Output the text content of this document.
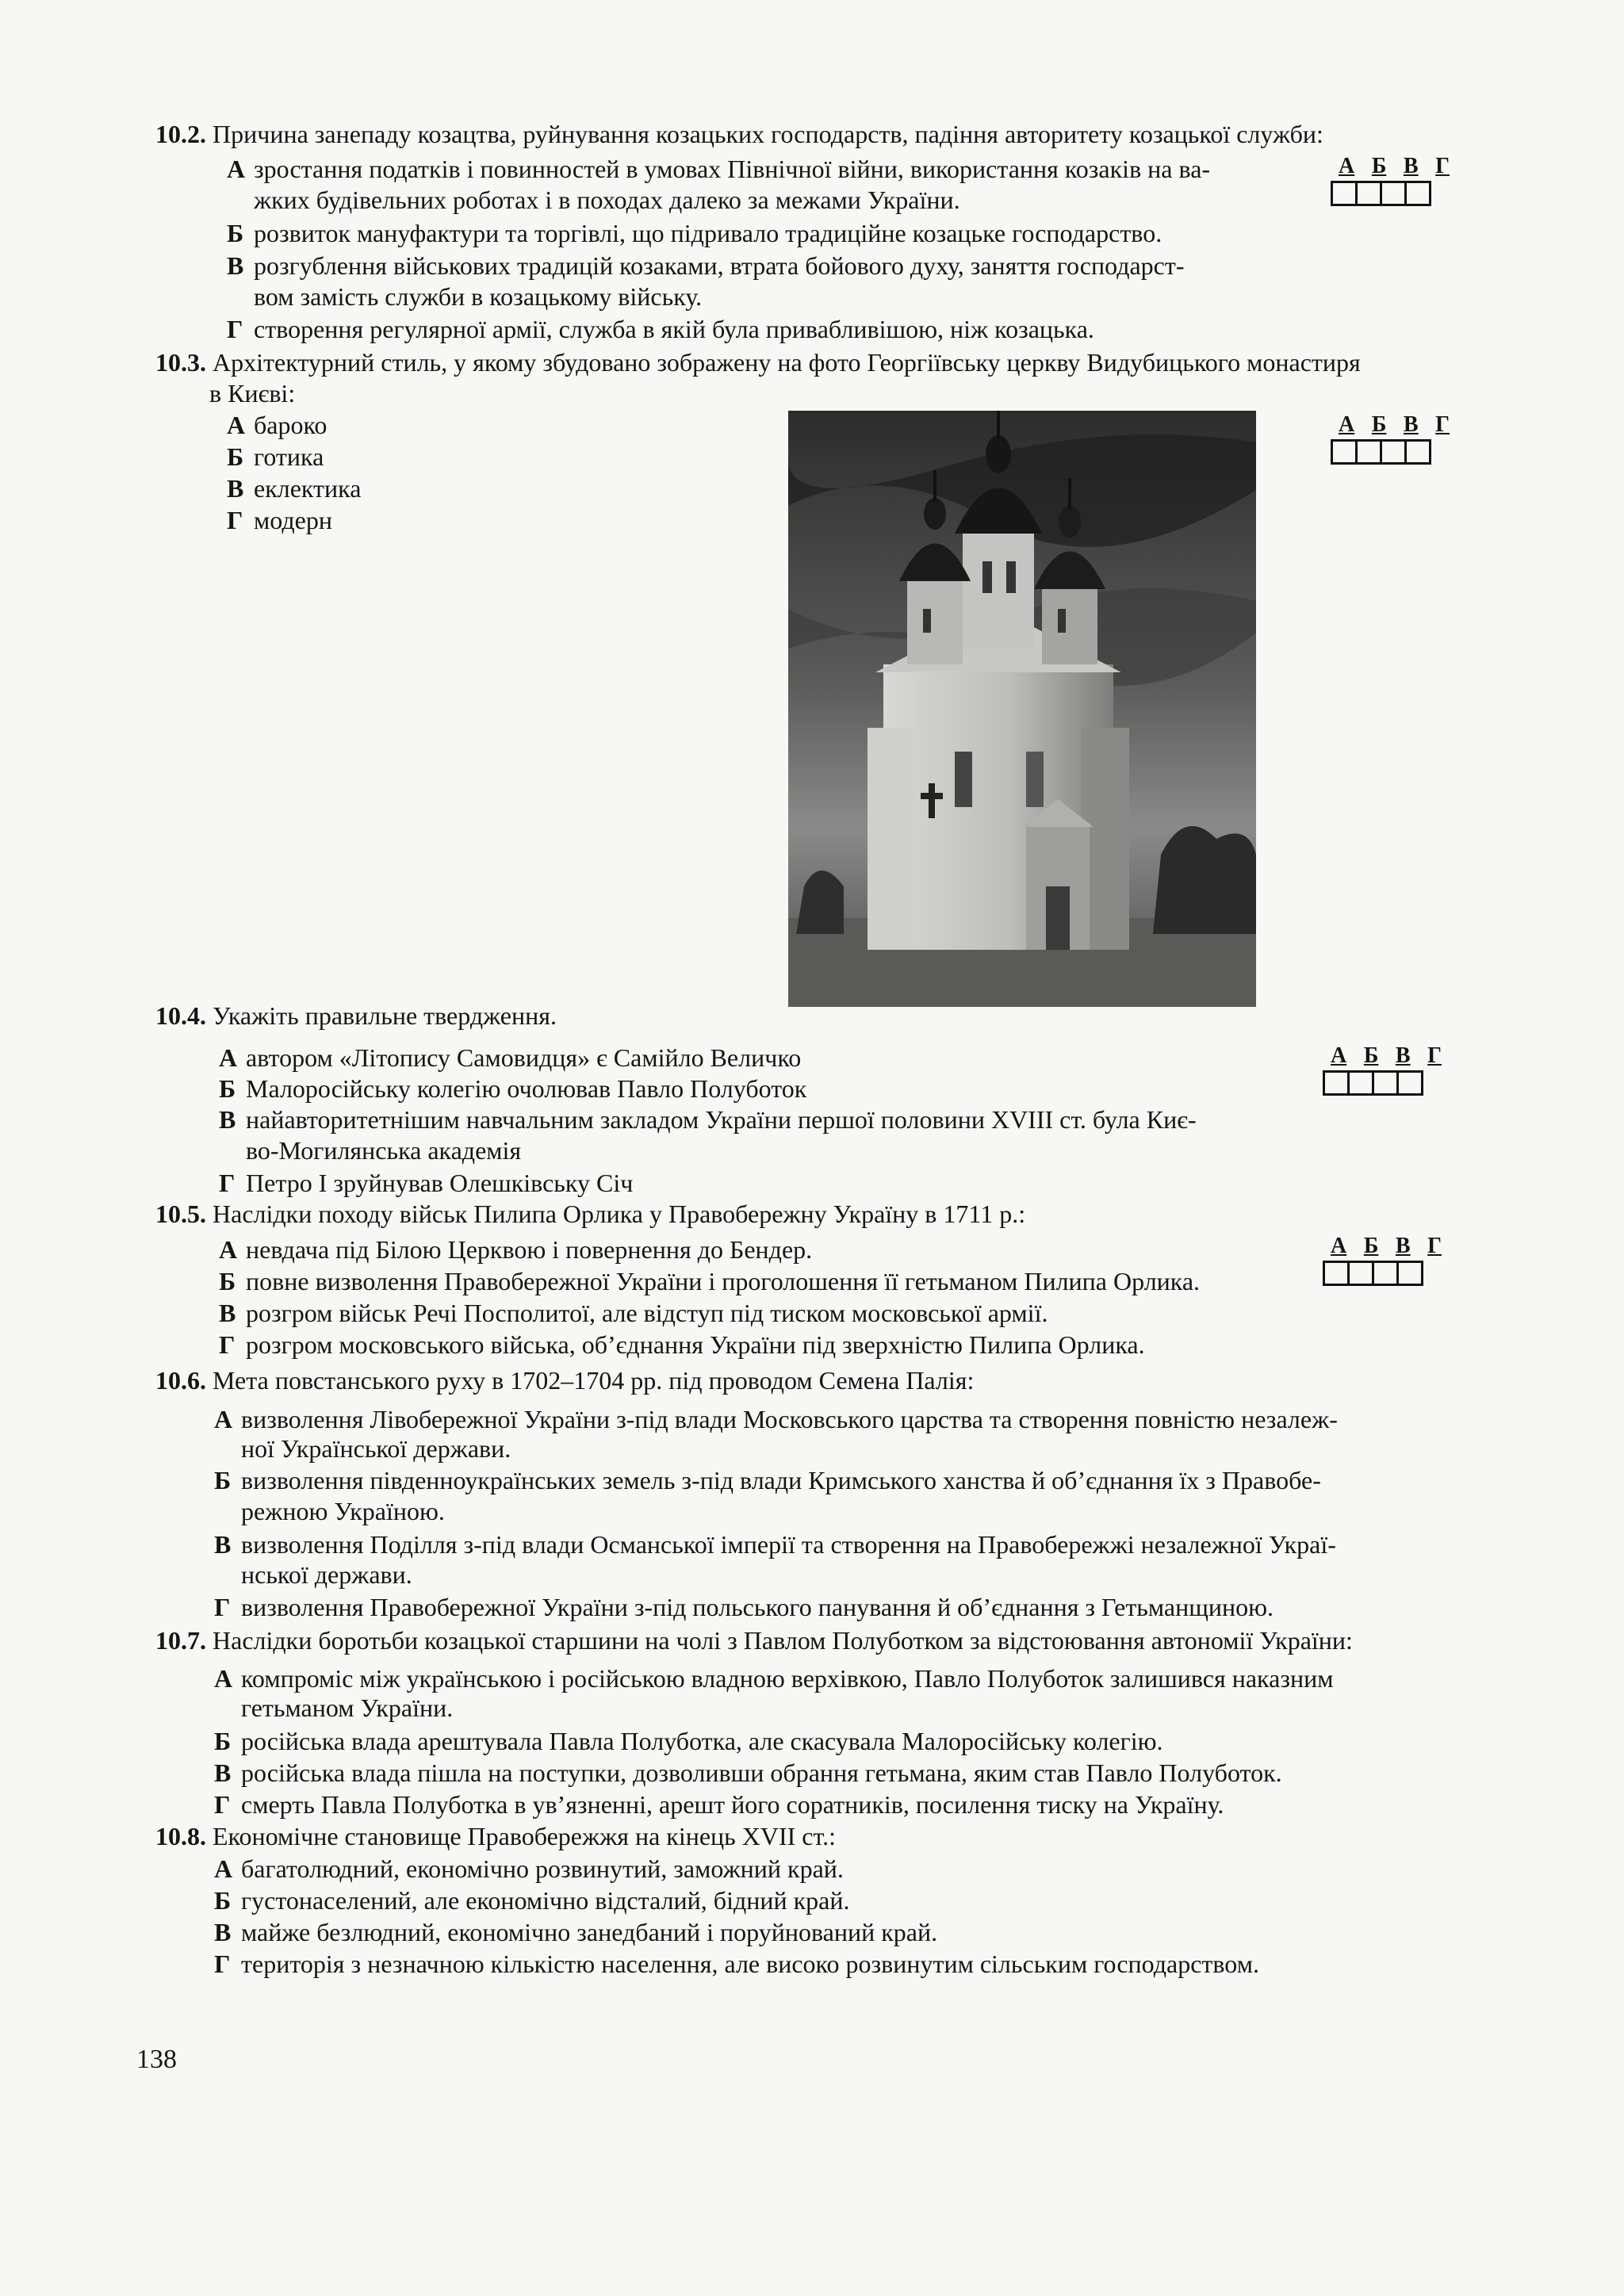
10.2. Причина занепаду козацтва, руйнування козацьких господарств, падіння авторитету козацької служби:
А зростання податків і повинностей в умовах Північної війни, використання козаків на ва-
жких будівельних роботах і в походах далеко за межами України.
Б розвиток мануфактури та торгівлі, що підривало традиційне козацьке господарство.
В розгублення військових традицій козаками, втрата бойового духу, заняття господарст-
вом замість служби в козацькому війську.
Г створення регулярної армії, служба в якій була привабливішою, ніж козацька.
А Б В Г
10.3. Архітектурний стиль, у якому збудовано зображену на фото Георгіївську церкву Видубицького монастиря
в Києві:
А бароко
Б готика
В еклектика
Г модерн
А Б В Г
10.4. Укажіть правильне твердження.
А автором «Літопису Самовидця» є Самійло Величко
Б Малоросійську колегію очолював Павло Полуботок
В найавторитетнішим навчальним закладом України першої половини XVIII ст. була Киє-
во-Могилянська академія
Г Петро І зруйнував Олешківську Січ
А Б В Г
10.5. Наслідки походу військ Пилипа Орлика у Правобережну Україну в 1711 р.:
А невдача під Білою Церквою і повернення до Бендер.
Б повне визволення Правобережної України і проголошення її гетьманом Пилипа Орлика.
В розгром військ Речі Посполитої, але відступ під тиском московської армії.
Г розгром московського війська, об’єднання України під зверхністю Пилипа Орлика.
А Б В Г
10.6. Мета повстанського руху в 1702–1704 рр. під проводом Семена Палія:
А визволення Лівобережної України з-під влади Московського царства та створення повністю незалеж-
ної Української держави.
Б визволення південноукраїнських земель з-під влади Кримського ханства й об’єднання їх з Правобе-
режною Україною.
В визволення Поділля з-під влади Османської імперії та створення на Правобережжі незалежної Украї-
нської держави.
Г визволення Правобережної України з-під польського панування й об’єднання з Гетьманщиною.
10.7. Наслідки боротьби козацької старшини на чолі з Павлом Полуботком за відстоювання автономії України:
А компроміс між українською і російською владною верхівкою, Павло Полуботок залишився наказним
гетьманом України.
Б російська влада арештувала Павла Полуботка, але скасувала Малоросійську колегію.
В російська влада пішла на поступки, дозволивши обрання гетьмана, яким став Павло Полуботок.
Г смерть Павла Полуботка в ув’язненні, арешт його соратників, посилення тиску на Україну.
10.8. Економічне становище Правобережжя на кінець XVII ст.:
А багатолюдний, економічно розвинутий, заможний край.
Б густонаселений, але економічно відсталий, бідний край.
В майже безлюдний, економічно занедбаний і поруйнований край.
Г територія з незначною кількістю населення, але високо розвинутим сільським господарством.
138
